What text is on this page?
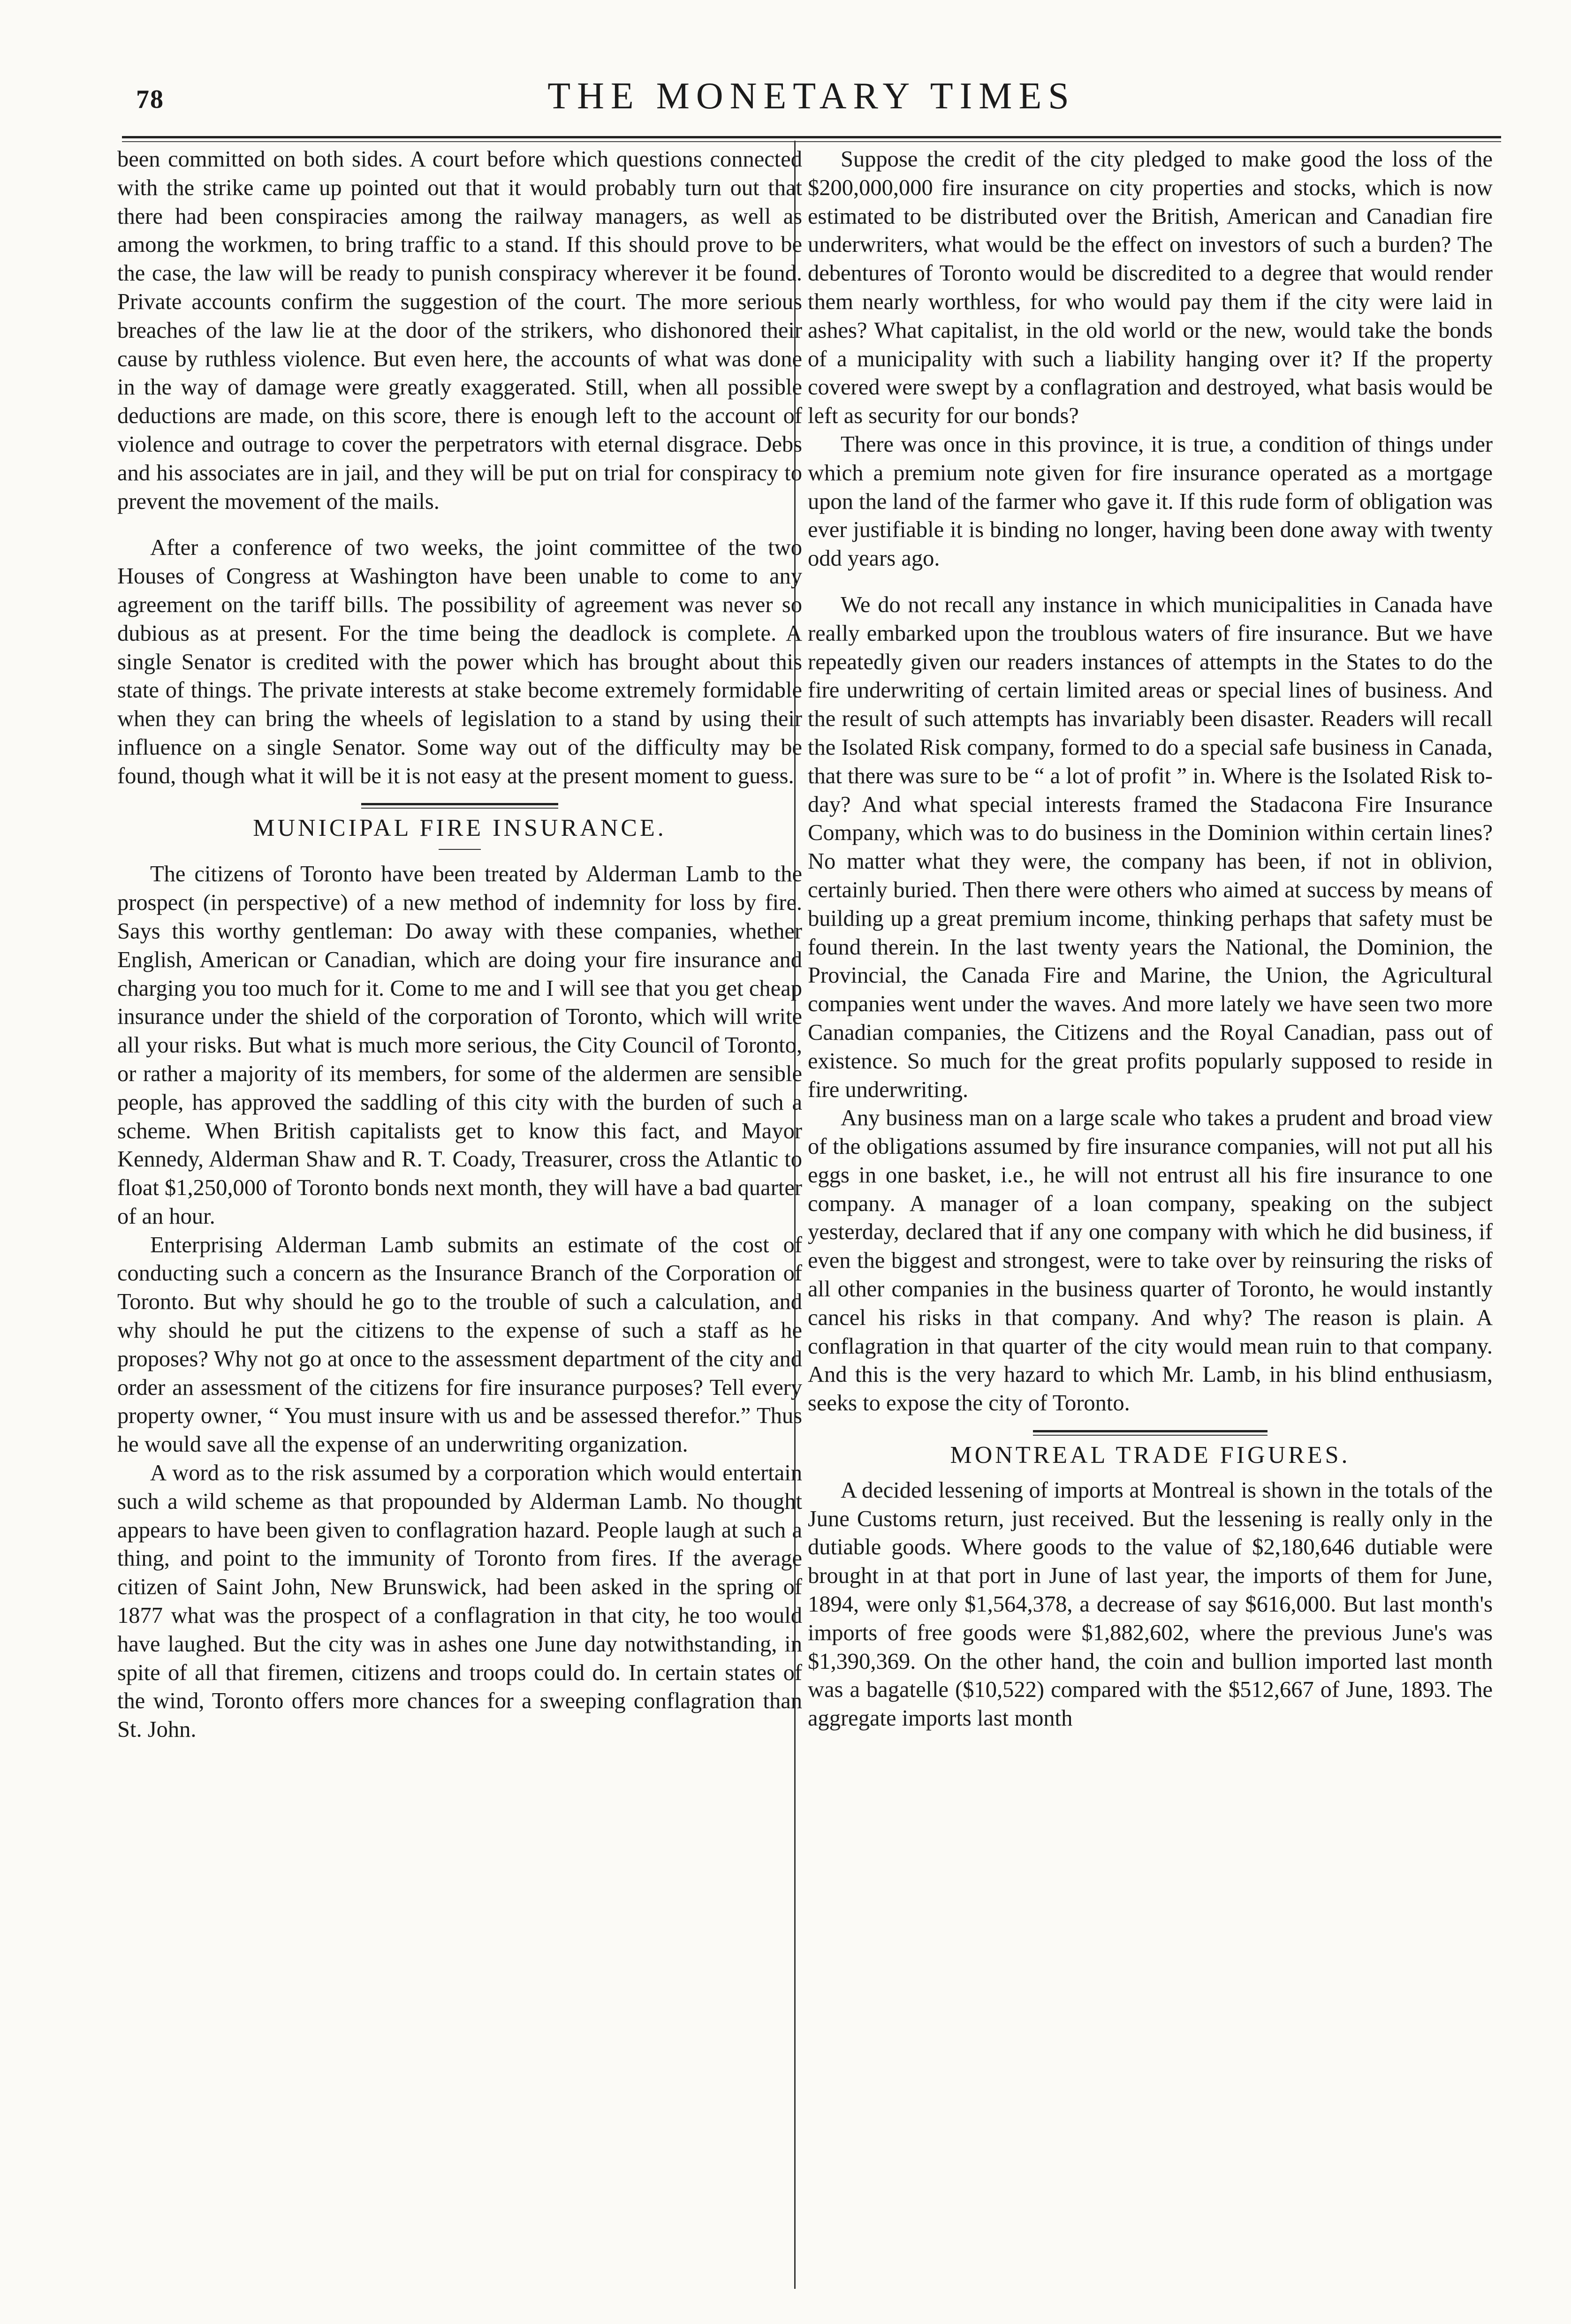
78	THE MONETARY TIMES

been committed on both sides. A court before which questions connected with the strike came up pointed out that it would probably turn out that there had been conspiracies among the railway managers, as well as among the workmen, to bring traffic to a stand. If this should prove to be the case, the law will be ready to punish conspiracy wherever it be found. Private accounts confirm the suggestion of the court. The more serious breaches of the law lie at the door of the strikers, who dishonored their cause by ruthless violence. But even here, the accounts of what was done in the way of damage were greatly exaggerated. Still, when all possible deductions are made, on this score, there is enough left to the account of violence and outrage to cover the perpetrators with eternal disgrace. Debs and his associates are in jail, and they will be put on trial for conspiracy to prevent the movement of the mails.

After a conference of two weeks, the joint committee of the two Houses of Congress at Washington have been unable to come to any agreement on the tariff bills. The possibility of agreement was never so dubious as at present. For the time being the deadlock is complete. A single Senator is credited with the power which has brought about this state of things. The private interests at stake become extremely formidable when they can bring the wheels of legislation to a stand by using their influence on a single Senator. Some way out of the difficulty may be found, though what it will be it is not easy at the present moment to guess.

MUNICIPAL FIRE INSURANCE.

The citizens of Toronto have been treated by Alderman Lamb to the prospect (in perspective) of a new method of indemnity for loss by fire. Says this worthy gentleman: Do away with these companies, whether English, American or Canadian, which are doing your fire insurance and charging you too much for it. Come to me and I will see that you get cheap insurance under the shield of the corporation of Toronto, which will write all your risks. But what is much more serious, the City Council of Toronto, or rather a majority of its members, for some of the aldermen are sensible people, has approved the saddling of this city with the burden of such a scheme. When British capitalists get to know this fact, and Mayor Kennedy, Alderman Shaw and R. T. Coady, Treasurer, cross the Atlantic to float $1,250,000 of Toronto bonds next month, they will have a bad quarter of an hour.

Enterprising Alderman Lamb submits an estimate of the cost of conducting such a concern as the Insurance Branch of the Corporation of Toronto. But why should he go to the trouble of such a calculation, and why should he put the citizens to the expense of such a staff as he proposes? Why not go at once to the assessment department of the city and order an assessment of the citizens for fire insurance purposes? Tell every property owner, “ You must insure with us and be assessed therefor.” Thus he would save all the expense of an underwriting organization.

A word as to the risk assumed by a corporation which would entertain such a wild scheme as that propounded by Alderman Lamb. No thought appears to have been given to conflagration hazard. People laugh at such a thing, and point to the immunity of Toronto from fires. If the average citizen of Saint John, New Brunswick, had been asked in the spring of 1877 what was the prospect of a conflagration in that city, he too would have laughed. But the city was in ashes one June day notwithstanding, in spite of all that firemen, citizens and troops could do. In certain states of the wind, Toronto offers more chances for a sweeping conflagration than St. John.

Suppose the credit of the city pledged to make good the loss of the $200,000,000 fire insurance on city properties and stocks, which is now estimated to be distributed over the British, American and Canadian fire underwriters, what would be the effect on investors of such a burden? The debentures of Toronto would be discredited to a degree that would render them nearly worthless, for who would pay them if the city were laid in ashes? What capitalist, in the old world or the new, would take the bonds of a municipality with such a liability hanging over it? If the property covered were swept by a conflagration and destroyed, what basis would be left as security for our bonds?

There was once in this province, it is true, a condition of things under which a premium note given for fire insurance operated as a mortgage upon the land of the farmer who gave it. If this rude form of obligation was ever justifiable it is binding no longer, having been done away with twenty odd years ago.

We do not recall any instance in which municipalities in Canada have really embarked upon the troublous waters of fire insurance. But we have repeatedly given our readers instances of attempts in the States to do the fire underwriting of certain limited areas or special lines of business. And the result of such attempts has invariably been disaster. Readers will recall the Isolated Risk company, formed to do a special safe business in Canada, that there was sure to be “ a lot of profit ” in. Where is the Isolated Risk to-day? And what special interests framed the Stadacona Fire Insurance Company, which was to do business in the Dominion within certain lines? No matter what they were, the company has been, if not in oblivion, certainly buried. Then there were others who aimed at success by means of building up a great premium income, thinking perhaps that safety must be found therein. In the last twenty years the National, the Dominion, the Provincial, the Canada Fire and Marine, the Union, the Agricultural companies went under the waves. And more lately we have seen two more Canadian companies, the Citizens and the Royal Canadian, pass out of existence. So much for the great profits popularly supposed to reside in fire underwriting.

Any business man on a large scale who takes a prudent and broad view of the obligations assumed by fire insurance companies, will not put all his eggs in one basket, i.e., he will not entrust all his fire insurance to one company. A manager of a loan company, speaking on the subject yesterday, declared that if any one company with which he did business, if even the biggest and strongest, were to take over by reinsuring the risks of all other companies in the business quarter of Toronto, he would instantly cancel his risks in that company. And why? The reason is plain. A conflagration in that quarter of the city would mean ruin to that company. And this is the very hazard to which Mr. Lamb, in his blind enthusiasm, seeks to expose the city of Toronto.

MONTREAL TRADE FIGURES.

A decided lessening of imports at Montreal is shown in the totals of the June Customs return, just received. But the lessening is really only in the dutiable goods. Where goods to the value of $2,180,646 dutiable were brought in at that port in June of last year, the imports of them for June, 1894, were only $1,564,378, a decrease of say $616,000. But last month's imports of free goods were $1,882,602, where the previous June's was $1,390,369. On the other hand, the coin and bullion imported last month was a bagatelle ($10,522) compared with the $512,667 of June, 1893. The aggregate imports last month
